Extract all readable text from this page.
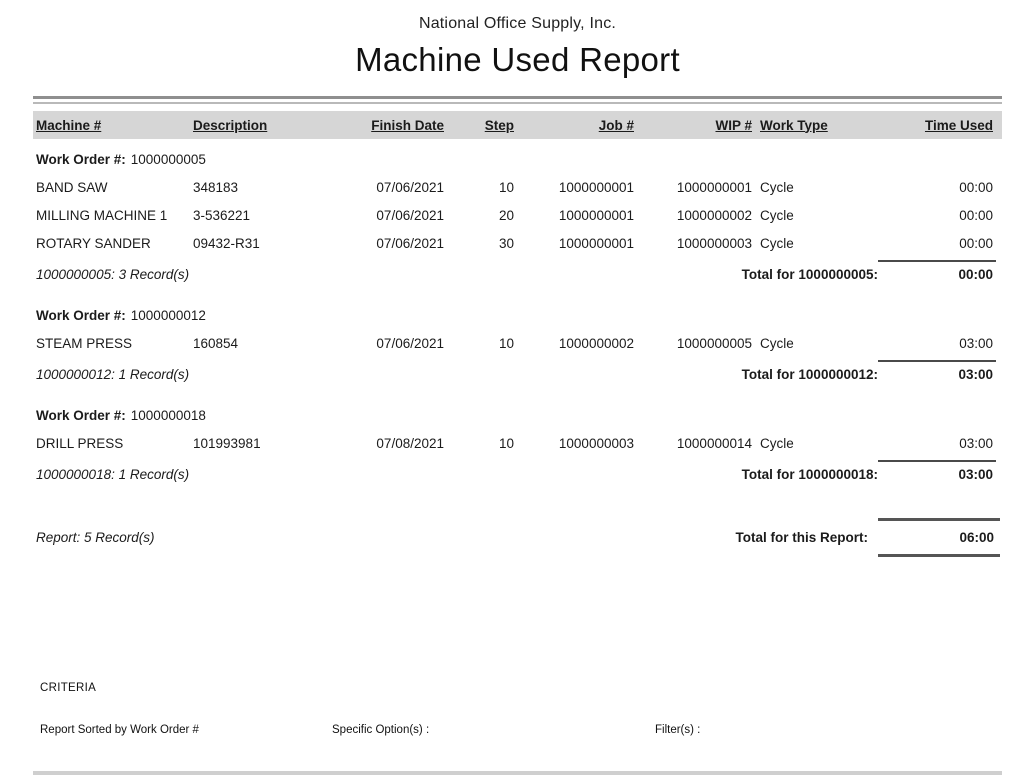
National Office Supply, Inc.
Machine Used Report
Machine #	Description	Finish Date	Step	Job #	WIP # Work Type	Time Used
Work Order #: 1000000005
BAND SAW	348183	07/06/2021	10	1000000001	1000000001 Cycle	00:00
MILLING MACHINE 1	3-536221	07/06/2021	20	1000000001	1000000002 Cycle	00:00
ROTARY SANDER	09432-R31	07/06/2021	30	1000000001	1000000003 Cycle	00:00
1000000005: 3 Record(s)	Total for 1000000005:	00:00
Work Order #: 1000000012
STEAM PRESS	160854	07/06/2021	10	1000000002	1000000005 Cycle	03:00
1000000012: 1 Record(s)	Total for 1000000012:	03:00
Work Order #: 1000000018
DRILL PRESS	101993981	07/08/2021	10	1000000003	1000000014 Cycle	03:00
1000000018: 1 Record(s)	Total for 1000000018:	03:00
Report: 5 Record(s)	Total for this Report:	06:00
CRITERIA
Report Sorted by Work Order #	Specific Option(s) :	Filter(s) :
